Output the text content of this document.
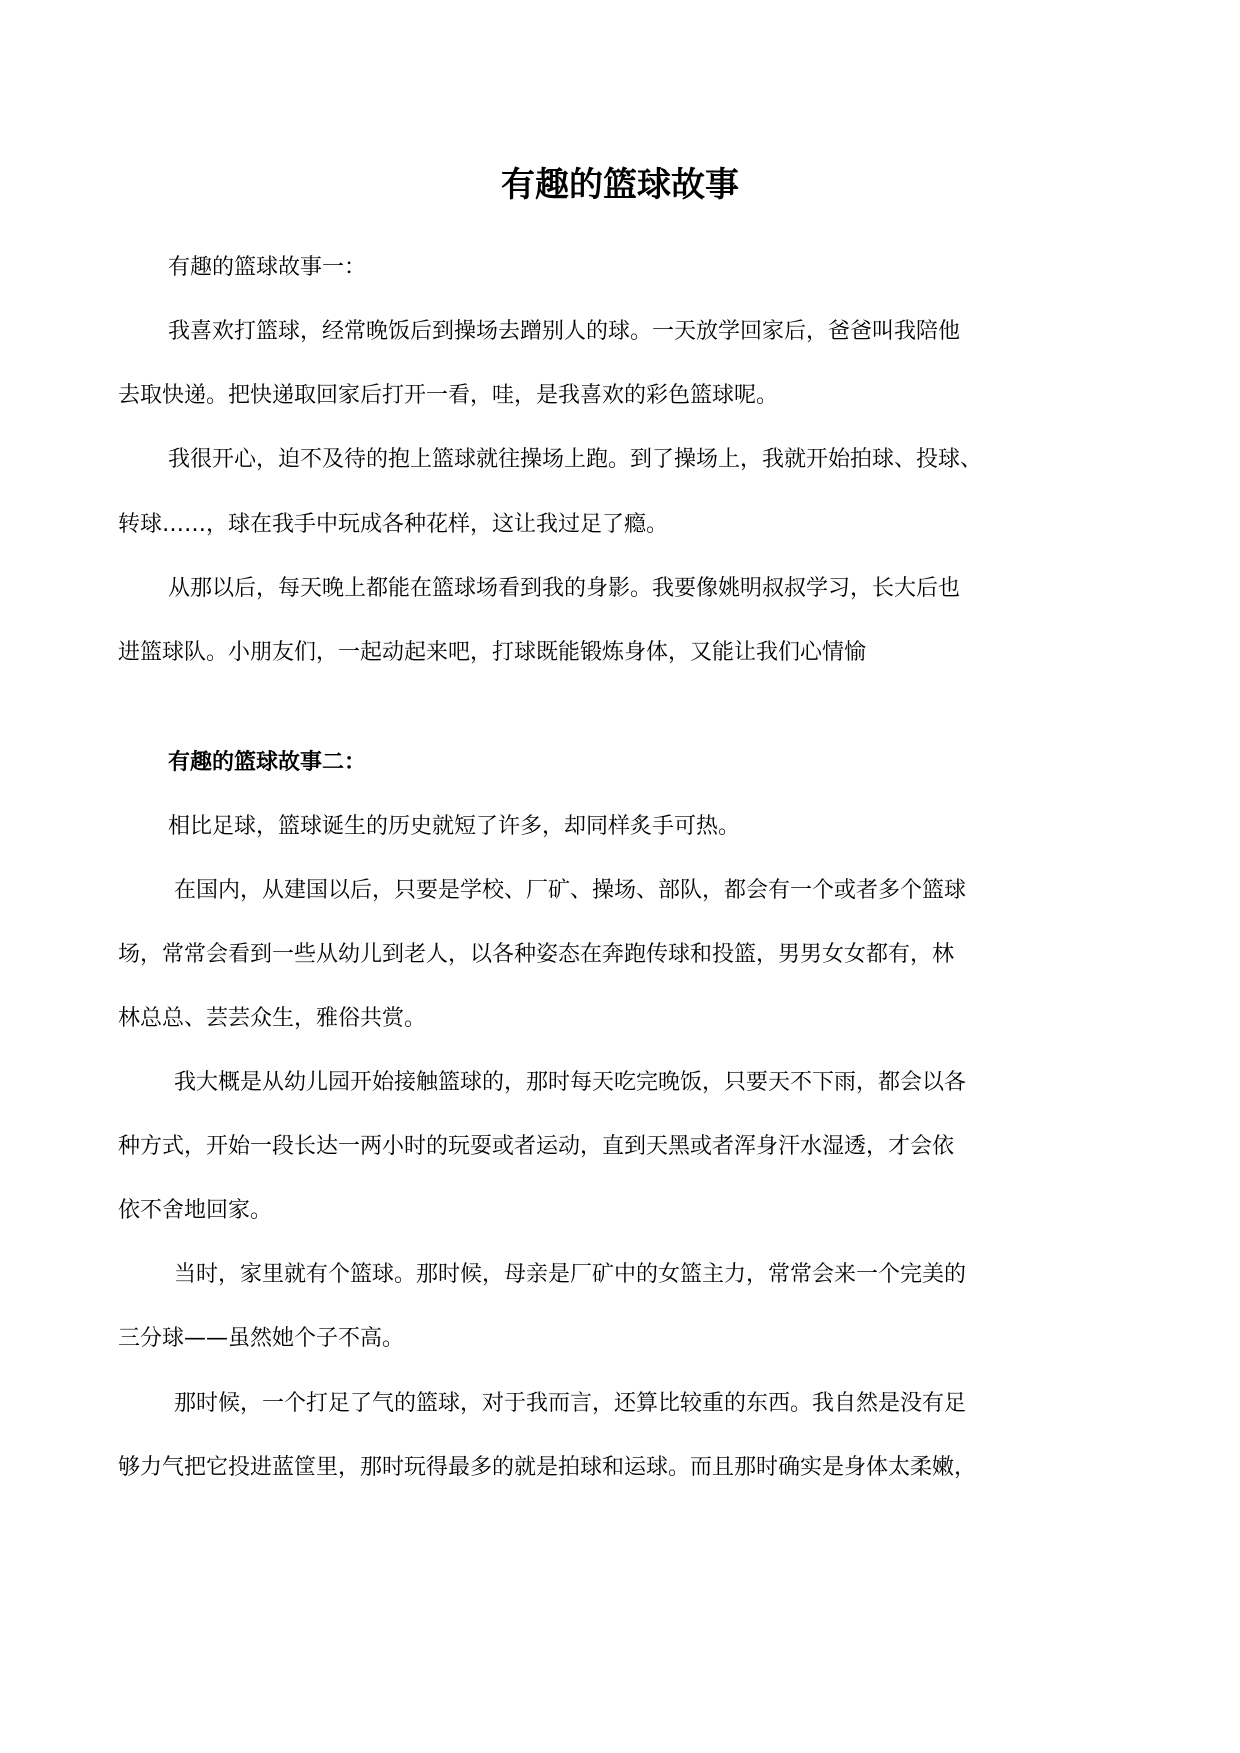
有趣的篮球故事
有趣的篮球故事一：
我喜欢打篮球，经常晚饭后到操场去蹭别人的球。一天放学回家后，爸爸叫我陪他
去取快递。把快递取回家后打开一看，哇，是我喜欢的彩色篮球呢。
我很开心，迫不及待的抱上篮球就往操场上跑。到了操场上，我就开始拍球、投球、
转球……，球在我手中玩成各种花样，这让我过足了瘾。
从那以后，每天晚上都能在篮球场看到我的身影。我要像姚明叔叔学习，长大后也
进篮球队。小朋友们，一起动起来吧，打球既能锻炼身体，又能让我们心情愉
有趣的篮球故事二：
相比足球，篮球诞生的历史就短了许多，却同样炙手可热。
在国内，从建国以后，只要是学校、厂矿、操场、部队，都会有一个或者多个篮球
场，常常会看到一些从幼儿到老人，以各种姿态在奔跑传球和投篮，男男女女都有，林
林总总、芸芸众生，雅俗共赏。
我大概是从幼儿园开始接触篮球的，那时每天吃完晚饭，只要天不下雨，都会以各
种方式，开始一段长达一两小时的玩耍或者运动，直到天黑或者浑身汗水湿透，才会依
依不舍地回家。
当时，家里就有个篮球。那时候，母亲是厂矿中的女篮主力，常常会来一个完美的
三分球——虽然她个子不高。
那时候，一个打足了气的篮球，对于我而言，还算比较重的东西。我自然是没有足
够力气把它投进蓝筐里，那时玩得最多的就是拍球和运球。而且那时确实是身体太柔嫩，
